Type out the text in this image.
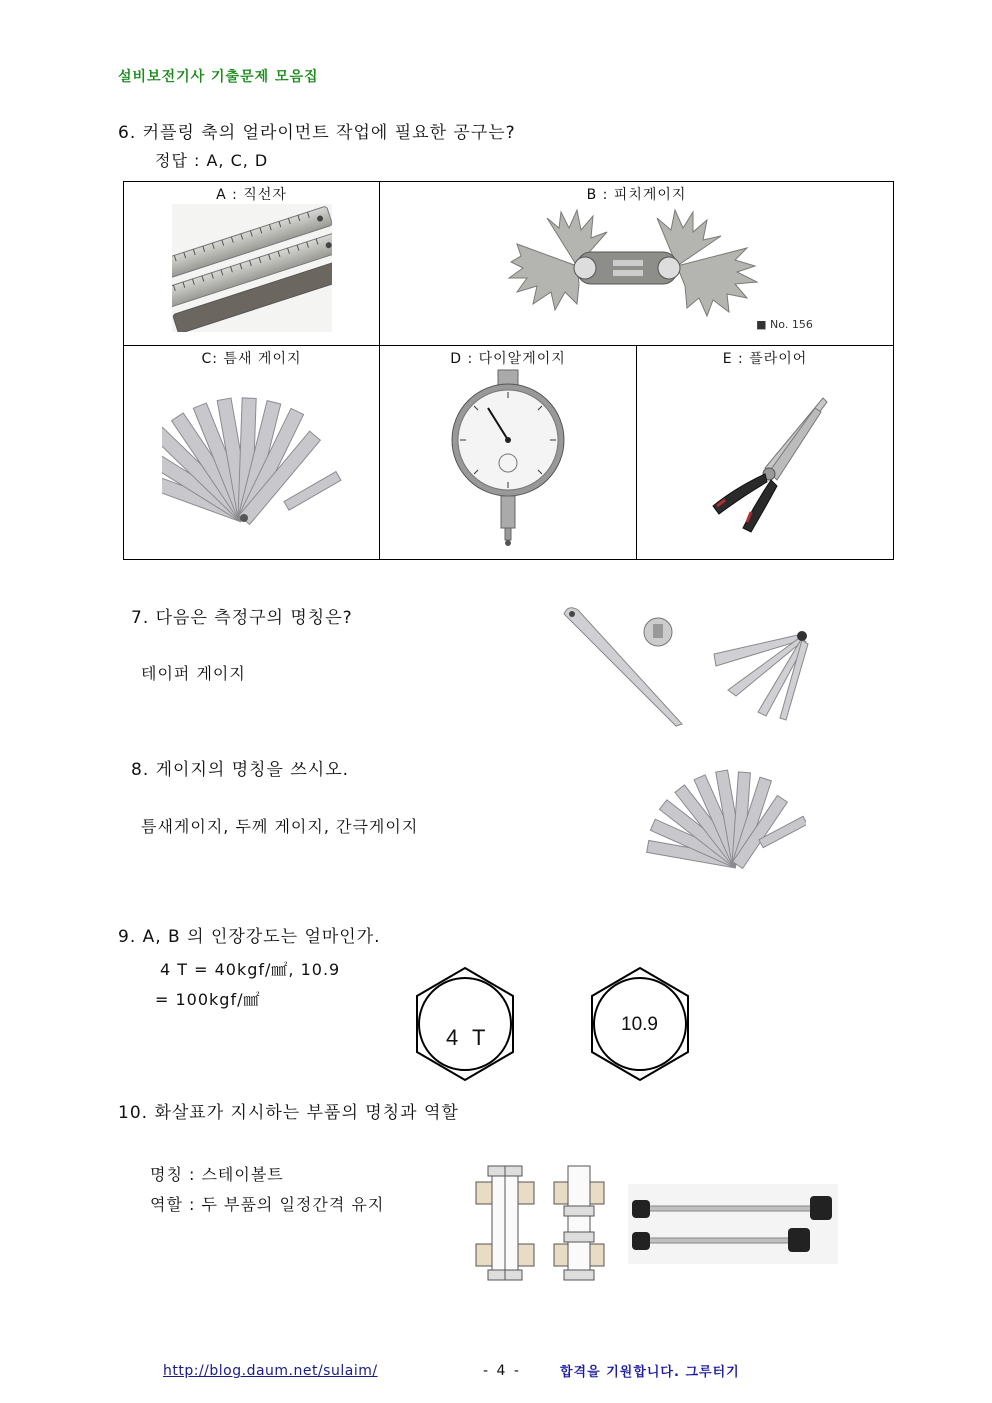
설비보전기사 기출문제 모음집
6. 커플링 축의 얼라이먼트 작업에 필요한 공구는?
정답 : A, C, D
A : 직선자	B : 피치게이지
■ No. 156	

C: 틈새 게이지	D : 다이알게이지	E : 플라이어
7. 다음은 측정구의 명칭은?
테이퍼 게이지
8. 게이지의 명칭을 쓰시오.
틈새게이지, 두께 게이지, 간극게이지
9. A, B 의 인장강도는 얼마인가.
4 T = 40kgf/㎟, 10.9
= 100kgf/㎟
4 T
10.9
10. 화살표가 지시하는 부품의 명칭과 역할
명칭 : 스테이볼트
역할 : 두 부품의 일정간격 유지
http://blog.daum.net/sulaim/	- 4 -	합격을 기원합니다. 그루터기
